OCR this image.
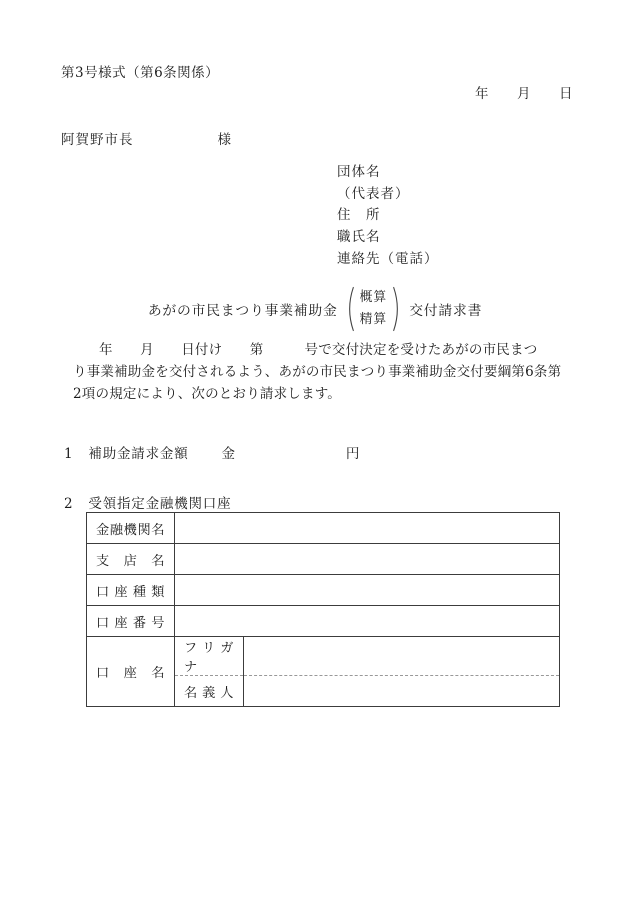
第3号様式（第6条関係）
年　　月　　日
阿賀野市長	様
団体名
（代表者）
住　所
職氏名
連絡先（電話）
あがの市民まつり事業補助金
概算
精算
交付請求書
年　　月　　日付け　　第　　　号で交付決定を受けたあがの市民まつ
り事業補助金を交付されるよう、あがの市民まつり事業補助金交付要綱第6条第
2項の規定により、次のとおり請求します。
1 補助金請求金額 金	円
2 受領指定金融機関口座
金融機関名		
支店名		
口座種類		
口座番号		
口座名	フリガナ	
	名義人	
